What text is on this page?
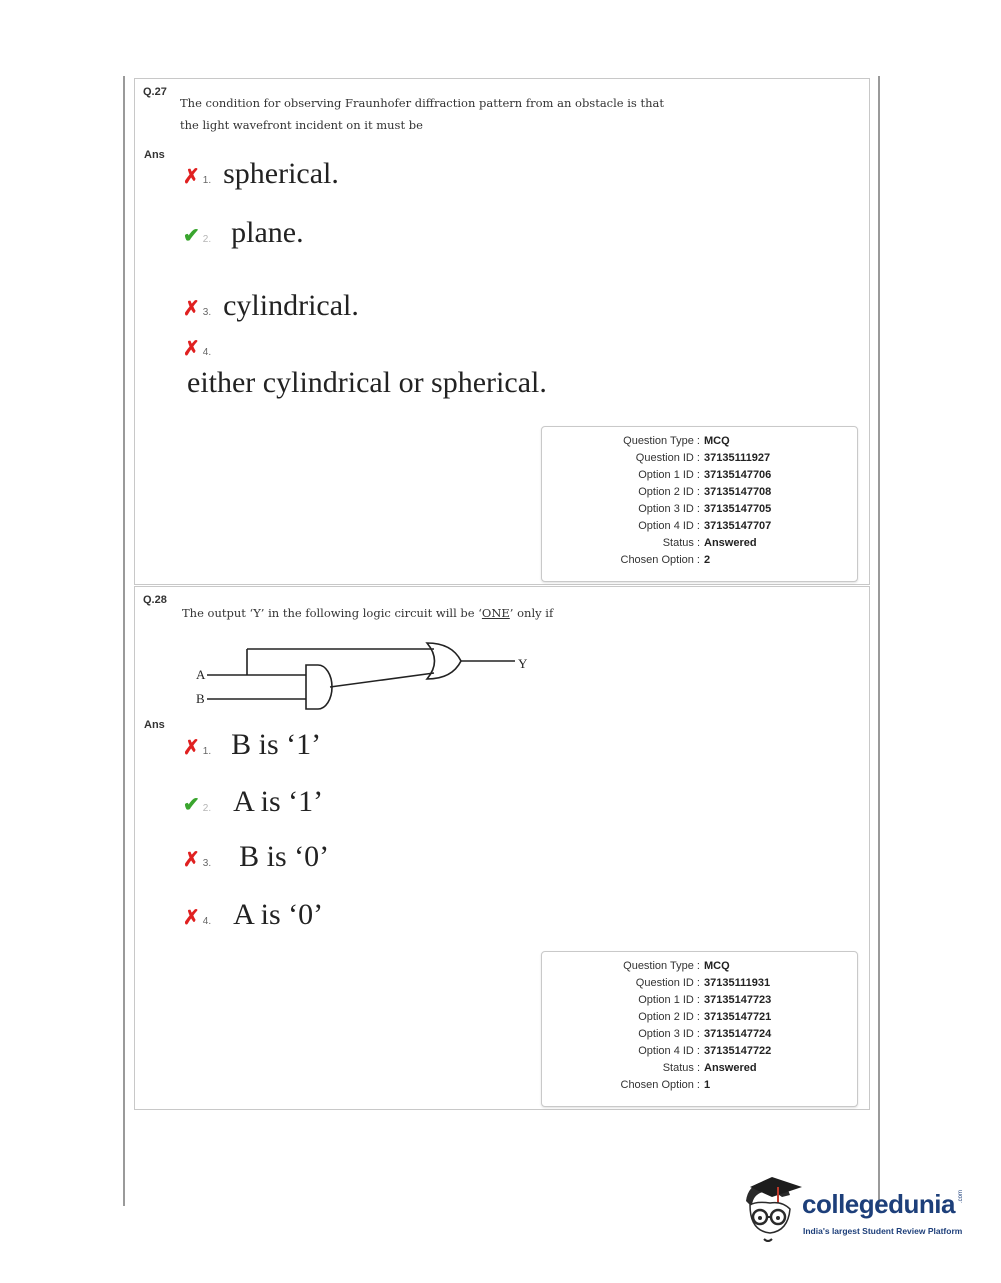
Q.27
The condition for observing Fraunhofer diffraction pattern from an obstacle is that
the light wavefront incident on it must be
Ans
✗ 1. spherical.
✔ 2. plane.
✗ 3. cylindrical.
✗ 4.
either cylindrical or spherical.
Question Type : MCQ
Question ID : 37135111927
Option 1 ID : 37135147706
Option 2 ID : 37135147708
Option 3 ID : 37135147705
Option 4 ID : 37135147707
Status : Answered
Chosen Option : 2
Q.28
The output ‘Y’ in the following logic circuit will be ‘ONE’ only if
A
B
Y
Ans
✗ 1. B is ‘1’
✔ 2. A is ‘1’
✗ 3. B is ‘0’
✗ 4. A is ‘0’
Question Type : MCQ
Question ID : 37135111931
Option 1 ID : 37135147723
Option 2 ID : 37135147721
Option 3 ID : 37135147724
Option 4 ID : 37135147722
Status : Answered
Chosen Option : 1
collegedunia .com
India's largest Student Review Platform
